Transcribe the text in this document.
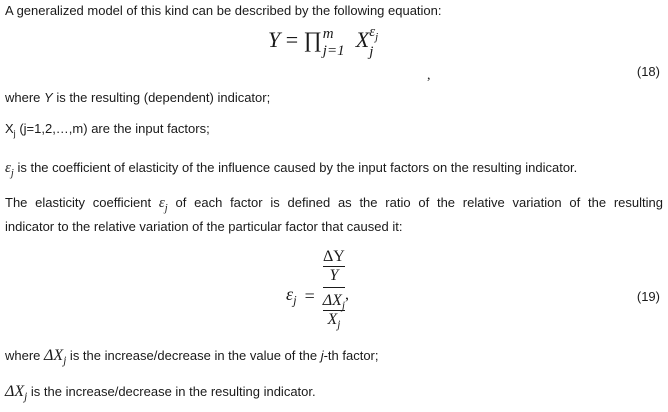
A generalized model of this kind can be described by the following equation:
Y = ∏ m
j=1 X $\varepsilon_j$
j
,	(18)
where Y is the resulting (dependent) indicator;
$X_j$ (j=1,2,…,m) are the input factors;
$\varepsilon_j$ is the coefficient of elasticity of the influence caused by the input factors on the resulting indicator.
The elasticity coefficient $\varepsilon_j$ of each factor is defined as the ratio of the relative variation of the resulting
indicator to the relative variation of the particular factor that caused it:
$\varepsilon_j = \Delta Y$
Y
$\Delta X_j$
$X_j$ ,	(19)
where $\Delta X_j$ is the increase/decrease in the value of the j-th factor;
$\Delta X_j$ is the increase/decrease in the resulting indicator.
